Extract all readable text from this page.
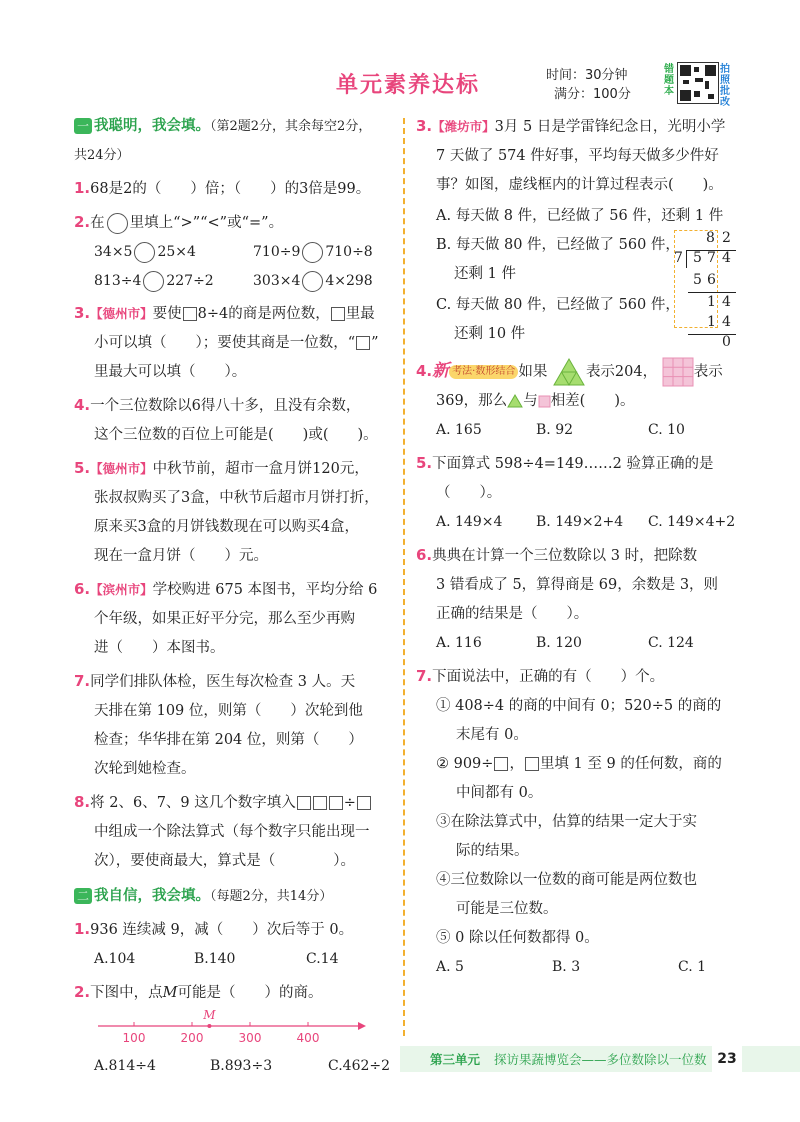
单元素养达标	时间：30分钟
满分：100分
错题本
拍照批改
一 我聪明，我会填。（第2题2分，其余每空2分，
共24分）
1.68是2的（　　）倍；（　　）的3倍是99。
2.在 里填上“>”“<”或“=”。
34×5 25×4	710÷9 710÷8
813÷4 227÷2	303×4 4×298
3.【德州市】要使 8÷4的商是两位数， 里最
小可以填（　　）；要使其商是一位数，“ ”
里最大可以填（　　）。
4.一个三位数除以6得八十多，且没有余数，
这个三位数的百位上可能是(　　)或(　　)。
5.【德州市】中秋节前，超市一盒月饼120元，
张叔叔购买了3盒，中秋节后超市月饼打折，
原来买3盒的月饼钱数现在可以购买4盒，
现在一盒月饼（　　）元。
6.【滨州市】学校购进 675 本图书，平均分给 6
个年级，如果正好平分完，那么至少再购
进（　　）本图书。
7.同学们排队体检，医生每次检查 3 人。天
天排在第 109 位，则第（　　）次轮到他
检查；华华排在第 204 位，则第（　　）
次轮到她检查。
8.将 2、6、7、9 这几个数字填入	÷
中组成一个除法算式（每个数字只能出现一
次），要使商最大，算式是（　　　　）。
二 我自信，我会填。（每题2分，共14分）
1.936 连续减 9，减（　　）次后等于 0。
A.104	B.140	C.14
2.下图中，点M可能是（　　）的商。
100	200	300	400
M
A.814÷4	B.893÷3	C.462÷2
3.【潍坊市】3月 5 日是学雷锋纪念日，光明小学
7 天做了 574 件好事，平均每天做多少件好
事？如图，虚线框内的计算过程表示(　　)。
A. 每天做 8 件，已经做了 56 件，还剩 1 件
B. 每天做 80 件，已经做了 560 件，
还剩 1 件
C. 每天做 80 件，已经做了 560 件，
还剩 10 件
4.新 考法·数形结合 如果	表示204，	表示
369，那么 与 相差(　　)。
A. 165	B. 92	C. 10
5.下面算式 598÷4=149……2 验算正确的是
（　　）。
A. 149×4	B. 149×2+4	C. 149×4+2
6.典典在计算一个三位数除以 3 时，把除数
3 错看成了 5，算得商是 69，余数是 3，则
正确的结果是（　　）。
A. 116	B. 120	C. 124
7.下面说法中，正确的有（　　）个。
① 408÷4 的商的中间有 0；520÷5 的商的
末尾有 0。
② 909÷ ， 里填 1 至 9 的任何数，商的
中间都有 0。
③在除法算式中，估算的结果一定大于实
际的结果。
④三位数除以一位数的商可能是两位数也
可能是三位数。
⑤ 0 除以任何数都得 0。
A. 5	B. 3	C. 1
8 2
7 5 7 4
5 6
1 4
1 4
0
第三单元 探访果蔬博览会——多位数除以一位数 23
